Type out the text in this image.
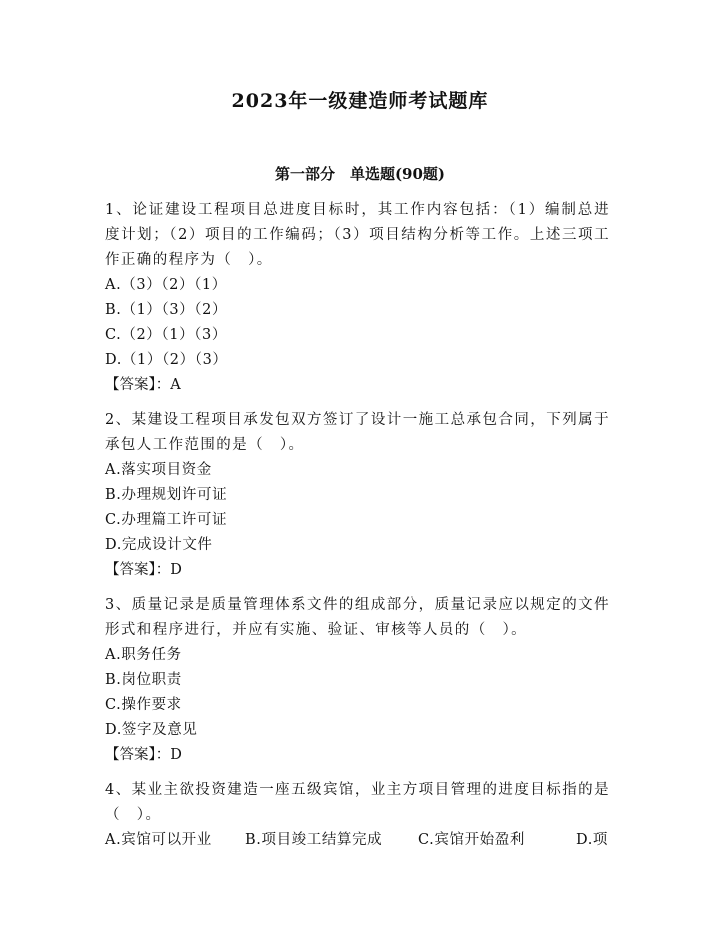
2023年一级建造师考试题库
第一部分　单选题(90题)
1、论证建设工程项目总进度目标时，其工作内容包括：（1）编制总进度计划；（2）项目的工作编码；（3）项目结构分析等工作。上述三项工作正确的程序为（　）。
A.（3）（2）（1）
B.（1）（3）（2）
C.（2）（1）（3）
D.（1）（2）（3）
【答案】：A
2、某建设工程项目承发包双方签订了设计一施工总承包合同，下列属于承包人工作范围的是（　）。
A.落实项目资金
B.办理规划许可证
C.办理篇工许可证
D.完成设计文件
【答案】：D
3、质量记录是质量管理体系文件的组成部分，质量记录应以规定的文件形式和程序进行，并应有实施、验证、审核等人员的（　）。
A.职务任务
B.岗位职责
C.操作要求
D.签字及意见
【答案】：D
4、某业主欲投资建造一座五级宾馆，业主方项目管理的进度目标指的是（　）。
A.宾馆可以开业	B.项目竣工结算完成	C.宾馆开始盈利	D.项
